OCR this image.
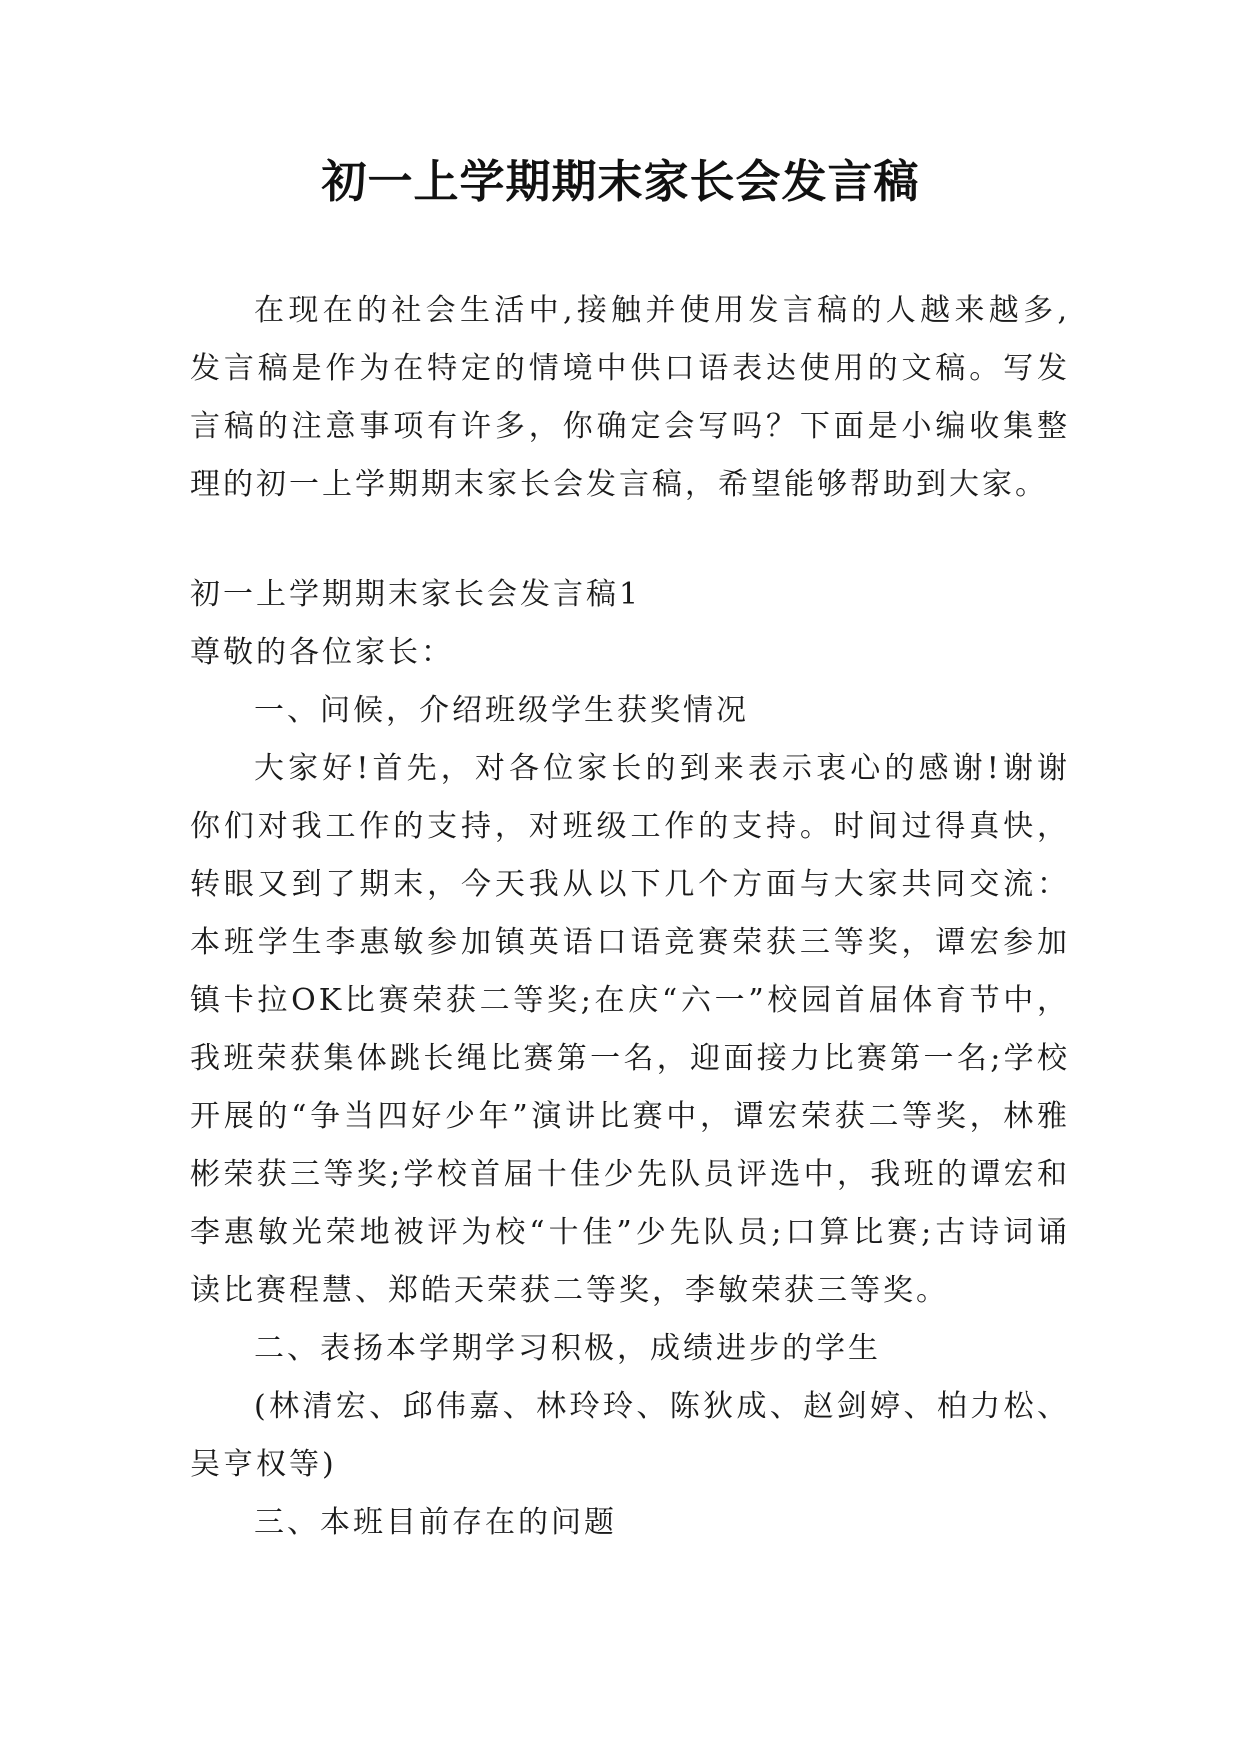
初一上学期期末家长会发言稿

在现在的社会生活中,接触并使用发言稿的人越来越多,发言稿是作为在特定的情境中供口语表达使用的文稿。写发言稿的注意事项有许多，你确定会写吗？下面是小编收集整理的初一上学期期末家长会发言稿，希望能够帮助到大家。

初一上学期期末家长会发言稿1

尊敬的各位家长：

一、问候，介绍班级学生获奖情况

大家好!首先，对各位家长的到来表示衷心的感谢!谢谢你们对我工作的支持，对班级工作的支持。时间过得真快，转眼又到了期末，今天我从以下几个方面与大家共同交流：本班学生李惠敏参加镇英语口语竞赛荣获三等奖，谭宏参加镇卡拉OK比赛荣获二等奖;在庆“六一”校园首届体育节中，我班荣获集体跳长绳比赛第一名，迎面接力比赛第一名;学校开展的“争当四好少年”演讲比赛中，谭宏荣获二等奖，林雅彬荣获三等奖;学校首届十佳少先队员评选中，我班的谭宏和李惠敏光荣地被评为校“十佳”少先队员;口算比赛;古诗词诵读比赛程慧、郑皓天荣获二等奖，李敏荣获三等奖。

二、表扬本学期学习积极，成绩进步的学生

(林清宏、邱伟嘉、林玲玲、陈狄成、赵剑婷、柏力松、吴亨权等)

三、本班目前存在的问题
